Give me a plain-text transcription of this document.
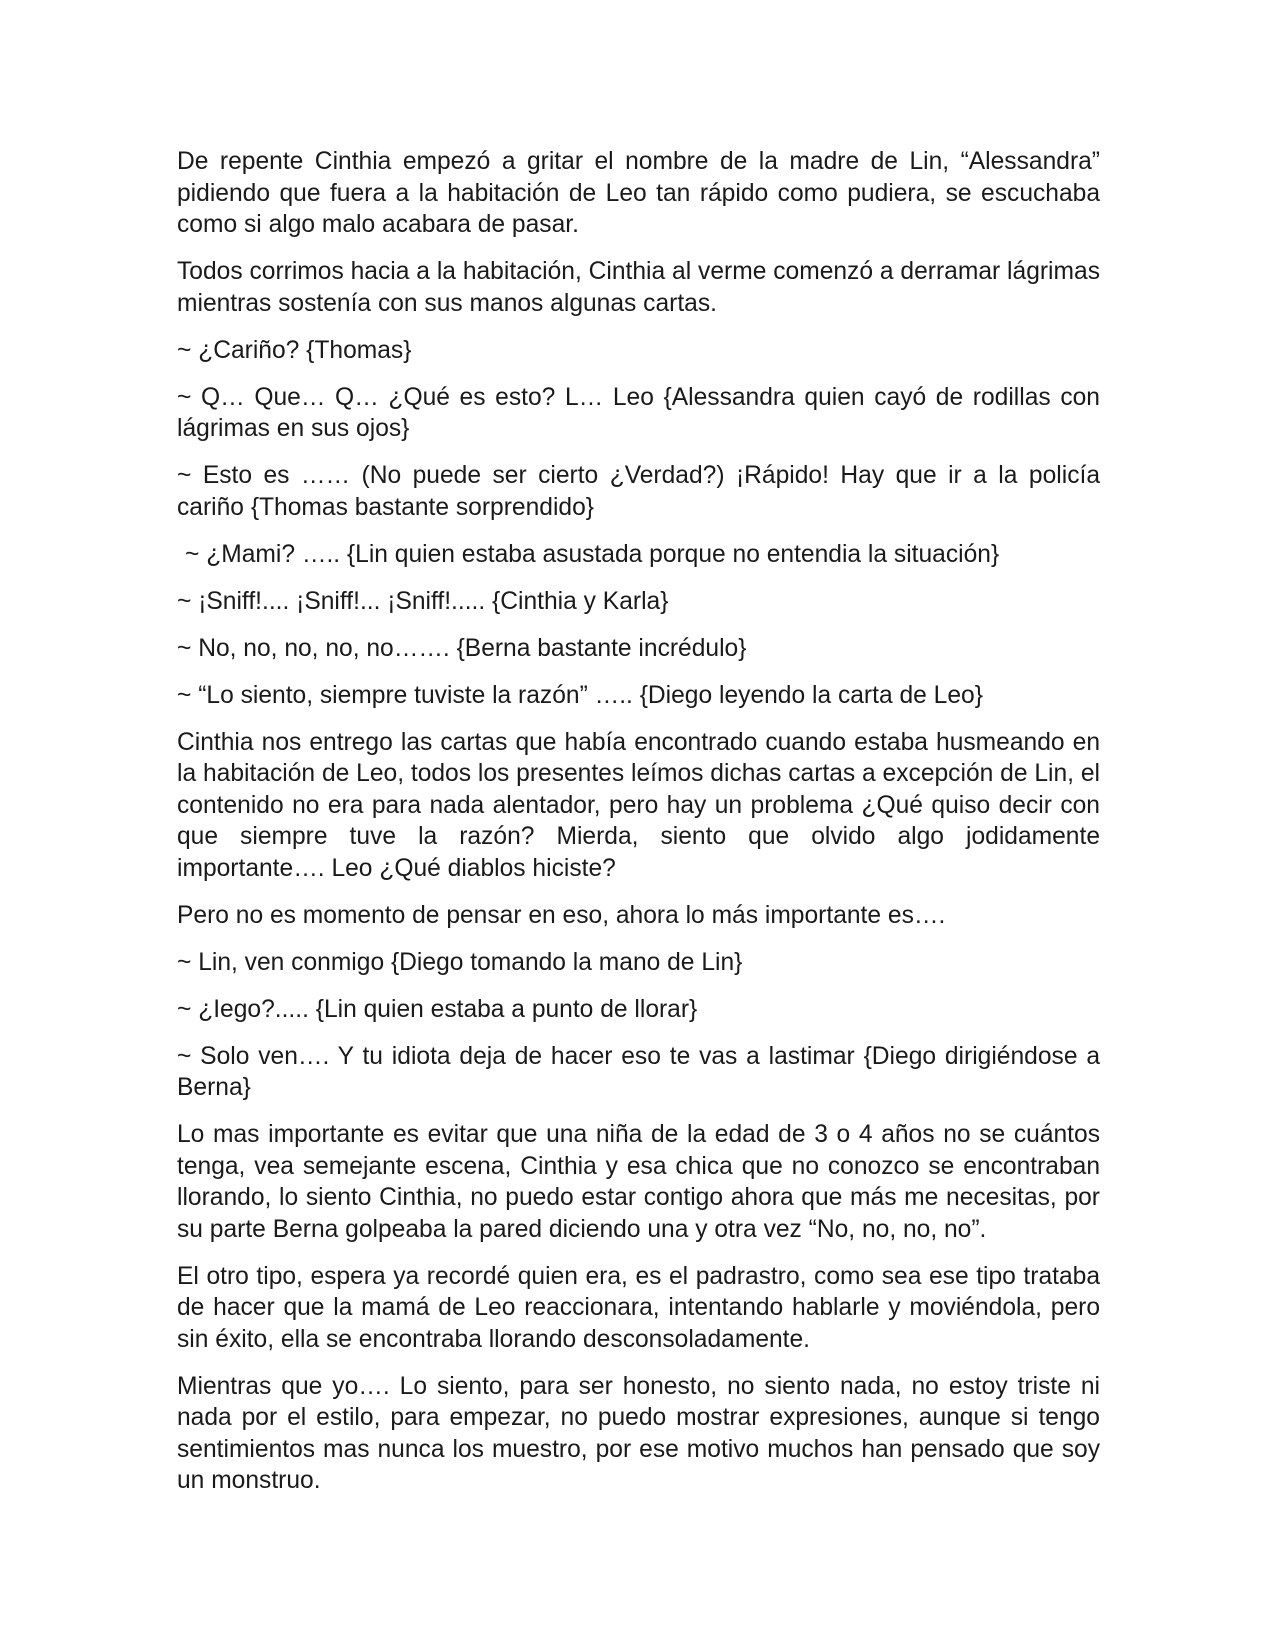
De repente Cinthia empezó a gritar el nombre de la madre de Lin, “Alessandra” pidiendo que fuera a la habitación de Leo tan rápido como pudiera, se escuchaba como si algo malo acabara de pasar.

Todos corrimos hacia a la habitación, Cinthia al verme comenzó a derramar lágrimas mientras sostenía con sus manos algunas cartas.

~ ¿Cariño? {Thomas}

~ Q… Que… Q… ¿Qué es esto? L… Leo {Alessandra quien cayó de rodillas con lágrimas en sus ojos}

~ Esto es …… (No puede ser cierto ¿Verdad?) ¡Rápido! Hay que ir a la policía cariño {Thomas bastante sorprendido}

~ ¿Mami? ….. {Lin quien estaba asustada porque no entendia la situación}

~ ¡Sniff!.... ¡Sniff!... ¡Sniff!..... {Cinthia y Karla}

~ No, no, no, no, no……. {Berna bastante incrédulo}

~ “Lo siento, siempre tuviste la razón” ….. {Diego leyendo la carta de Leo}

Cinthia nos entrego las cartas que había encontrado cuando estaba husmeando en la habitación de Leo, todos los presentes leímos dichas cartas a excepción de Lin, el contenido no era para nada alentador, pero hay un problema ¿Qué quiso decir con que siempre tuve la razón? Mierda, siento que olvido algo jodidamente importante…. Leo ¿Qué diablos hiciste?

Pero no es momento de pensar en eso, ahora lo más importante es….

~ Lin, ven conmigo {Diego tomando la mano de Lin}

~ ¿Iego?..... {Lin quien estaba a punto de llorar}

~ Solo ven…. Y tu idiota deja de hacer eso te vas a lastimar {Diego dirigiéndose a Berna}

Lo mas importante es evitar que una niña de la edad de 3 o 4 años no se cuántos tenga, vea semejante escena, Cinthia y esa chica que no conozco se encontraban llorando, lo siento Cinthia, no puedo estar contigo ahora que más me necesitas, por su parte Berna golpeaba la pared diciendo una y otra vez “No, no, no, no”.

El otro tipo, espera ya recordé quien era, es el padrastro, como sea ese tipo trataba de hacer que la mamá de Leo reaccionara, intentando hablarle y moviéndola, pero sin éxito, ella se encontraba llorando desconsoladamente.

Mientras que yo…. Lo siento, para ser honesto, no siento nada, no estoy triste ni nada por el estilo, para empezar, no puedo mostrar expresiones, aunque si tengo sentimientos mas nunca los muestro, por ese motivo muchos han pensado que soy un monstruo.
